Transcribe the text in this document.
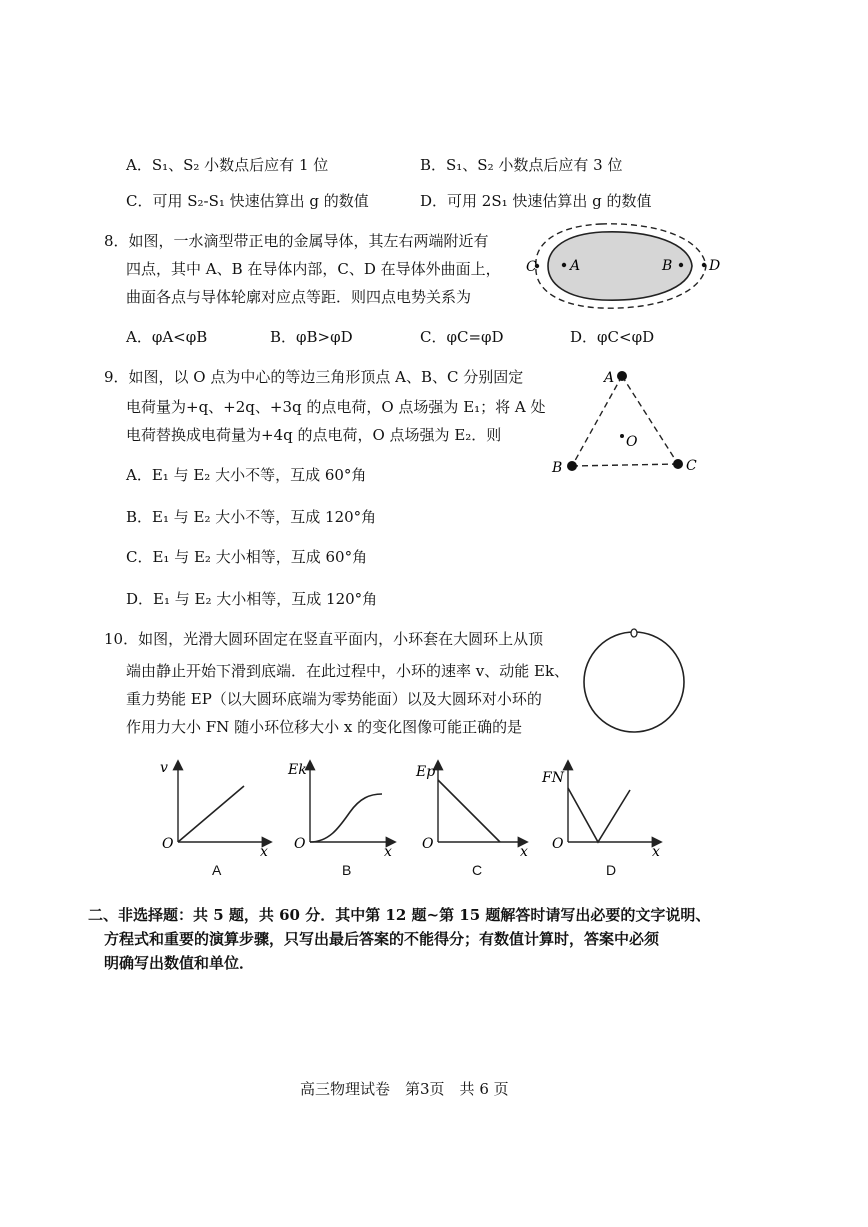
A．S₁、S₂ 小数点后应有 1 位	B．S₁、S₂ 小数点后应有 3 位
C．可用 S₂-S₁ 快速估算出 g 的数值	D．可用 2S₁ 快速估算出 g 的数值
8．如图，一水滴型带正电的金属导体，其左右两端附近有
四点，其中 A、B 在导体内部，C、D 在导体外曲面上，
曲面各点与导体轮廓对应点等距．则四点电势关系为
C A	B	D
A．φA<φB	B．φB>φD	C．φC=φD	D．φC<φD
9．如图，以 O 点为中心的等边三角形顶点 A、B、C 分别固定
电荷量为+q、+2q、+3q 的点电荷，O 点场强为 E₁；将 A 处
电荷替换成电荷量为+4q 的点电荷，O 点场强为 E₂．则
A
B	C
O
A．E₁ 与 E₂ 大小不等，互成 60°角
B．E₁ 与 E₂ 大小不等，互成 120°角
C．E₁ 与 E₂ 大小相等，互成 60°角
D．E₁ 与 E₂ 大小相等，互成 120°角
10．如图，光滑大圆环固定在竖直平面内，小环套在大圆环上从顶
端由静止开始下滑到底端．在此过程中，小环的速率 v、动能 Ek、
重力势能 EP（以大圆环底端为零势能面）以及大圆环对小环的
作用力大小 FN 随小环位移大小 x 的变化图像可能正确的是
v
O	x
Ek
O	x
Ep
O	x
FN
O	x
A	B	C	D
二、非选择题：共 5 题，共 60 分．其中第 12 题~第 15 题解答时请写出必要的文字说明、
方程式和重要的演算步骤，只写出最后答案的不能得分；有数值计算时，答案中必须
明确写出数值和单位．
高三物理试卷　第3页　共 6 页
